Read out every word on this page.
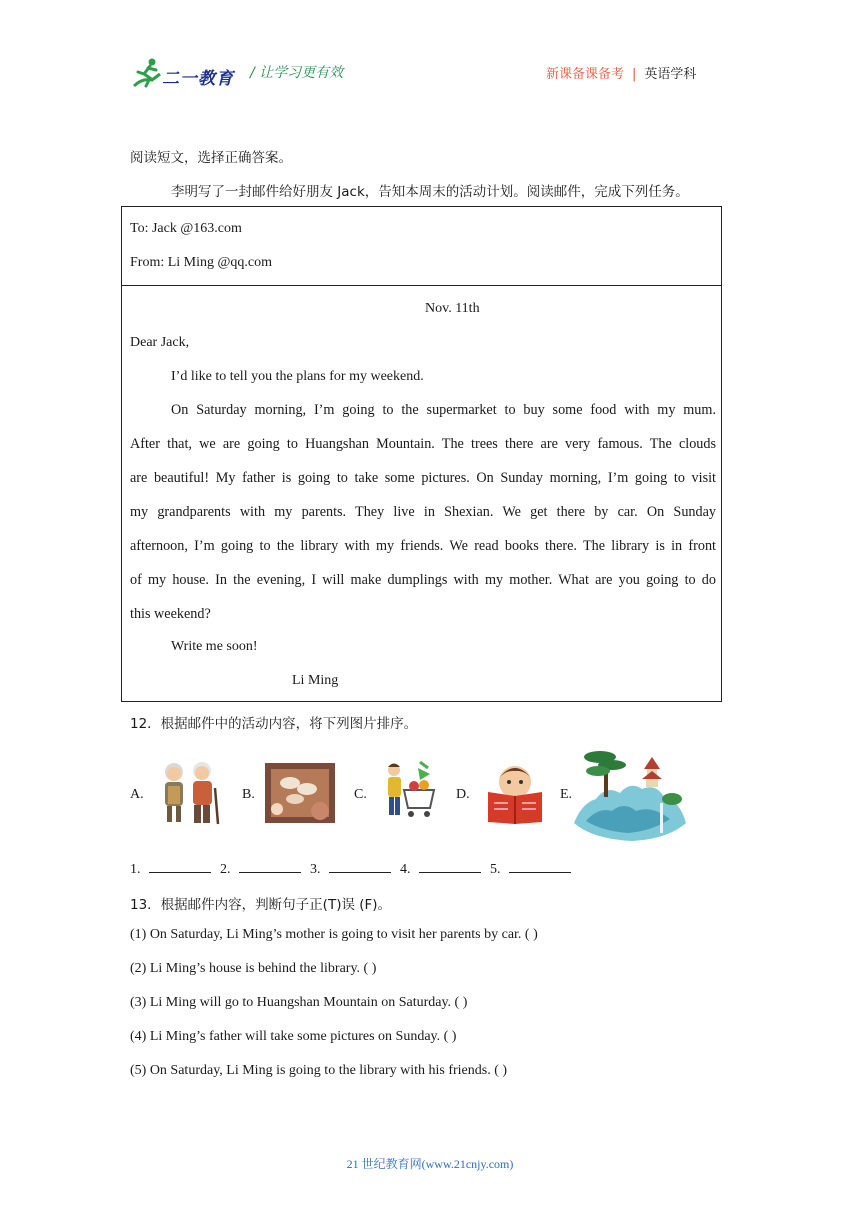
二一教育 / 让学习更有效	新课备课备考 | 英语学科
阅读短文，选择正确答案。
李明写了一封邮件给好朋友 Jack，告知本周末的活动计划。阅读邮件，完成下列任务。
To: Jack @163.com
From: Li Ming @qq.com
Nov. 11th
Dear Jack,
I’d like to tell you the plans for my weekend.
On Saturday morning, I’m going to the supermarket to buy some food with my mum.
After that, we are going to Huangshan Mountain. The trees there are very famous. The clouds
are beautiful! My father is going to take some pictures. On Sunday morning, I’m going to visit
my grandparents with my parents. They live in Shexian. We get there by car. On Sunday
afternoon, I’m going to the library with my friends. We read books there. The library is in front
of my house. In the evening, I will make dumplings with my mother. What are you going to do
this weekend?
Write me soon!
Li Ming
12．根据邮件中的活动内容，将下列图片排序。
A.	B.	C.	D.	E.
1.	2.	3.	4.	5.
13．根据邮件内容，判断句子正(T)误 (F)。
(1) On Saturday, Li Ming’s mother is going to visit her parents by car. ( )
(2) Li Ming’s house is behind the library. ( )
(3) Li Ming will go to Huangshan Mountain on Saturday. ( )
(4) Li Ming’s father will take some pictures on Sunday. ( )
(5) On Saturday, Li Ming is going to the library with his friends. ( )
21 世纪教育网(www.21cnjy.com)
